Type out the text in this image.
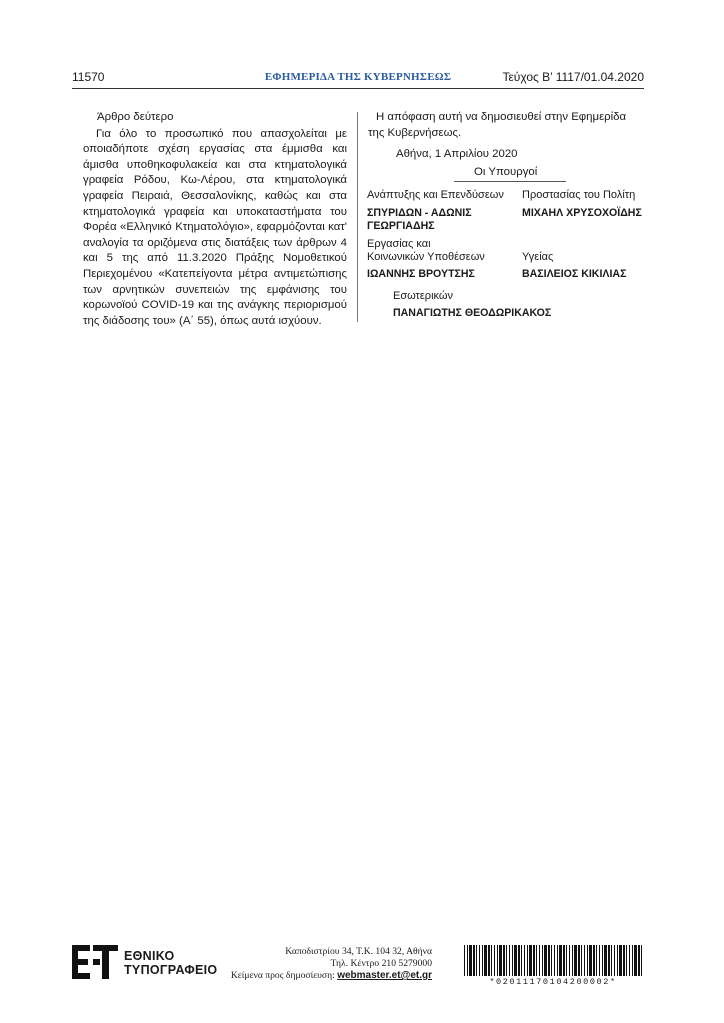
11570	ΕΦΗΜΕΡΙΔΑ ΤΗΣ ΚΥΒΕΡΝΗΣΕΩΣ	Τεύχος B’ 1117/01.04.2020

Άρθρο δεύτερο

Για όλο το προσωπικό που απασχολείται με οποιαδήποτε σχέση εργασίας στα έμμισθα και άμισθα υποθηκοφυλακεία και στα κτηματολογικά γραφεία Ρόδου, Κω-Λέρου, στα κτηματολογικά γραφεία Πειραιά, Θεσσαλονίκης, καθώς και στα κτηματολογικά γραφεία και υποκαταστήματα του Φορέα «Ελληνικό Κτηματολόγιο», εφαρμόζονται κατ' αναλογία τα οριζόμενα στις διατάξεις των άρθρων 4 και 5 της από 11.3.2020 Πράξης Νομοθετικού Περιεχομένου «Κατεπείγοντα μέτρα αντιμετώπισης των αρνητικών συνεπειών της εμφάνισης του κορωνοϊού COVID-19 και της ανάγκης περιορισμού της διάδοσης του» (Α΄ 55), όπως αυτά ισχύουν.

Η απόφαση αυτή να δημοσιευθεί στην Εφημερίδα της Κυβερνήσεως.

Αθήνα, 1 Απριλίου 2020
Οι Υπουργοί
Ανάπτυξης και Επενδύσεων
ΣΠΥΡΙΔΩΝ - ΑΔΩΝΙΣ
ΓΕΩΡΓΙΑΔΗΣ
Προστασίας του Πολίτη
ΜΙΧΑΗΛ ΧΡΥΣΟΧΟΪΔΗΣ
Εργασίας και
Κοινωνικών Υποθέσεων
ΙΩΑΝΝΗΣ ΒΡΟΥΤΣΗΣ
Υγείας
ΒΑΣΙΛΕΙΟΣ ΚΙΚΙΛΙΑΣ
Εσωτερικών
ΠΑΝΑΓΙΩΤΗΣ ΘΕΟΔΩΡΙΚΑΚΟΣ
ΕΘΝΙΚΟ
ΤΥΠΟΓΡΑΦΕΙΟ
Καποδιστρίου 34, Τ.Κ. 104 32, Αθήνα
Τηλ. Κέντρο 210 5279000
Κείμενα προς δημοσίευση: webmaster.et@et.gr
*02011170104200002*
